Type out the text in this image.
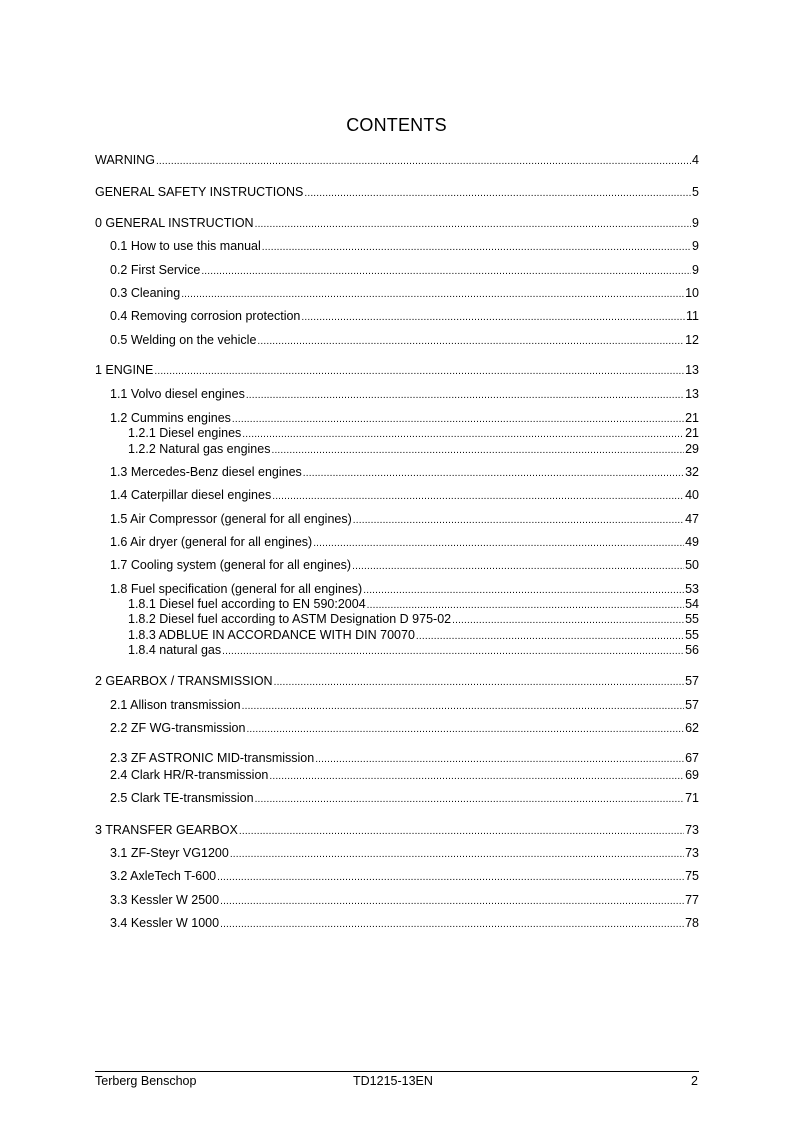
CONTENTS
WARNING .....	4
GENERAL SAFETY INSTRUCTIONS .....	5
0 GENERAL INSTRUCTION .....	9
0.1 How to use this manual .....	9
0.2 First Service .....	9
0.3 Cleaning .....	10
0.4 Removing corrosion protection .....	11
0.5 Welding on the vehicle .....	12
1 ENGINE .....	13
1.1 Volvo diesel engines .....	13
1.2 Cummins engines .....	21
1.2.1 Diesel engines .....	21
1.2.2 Natural gas engines .....	29
1.3 Mercedes-Benz diesel engines .....	32
1.4 Caterpillar diesel engines .....	40
1.5 Air Compressor (general for all engines) .....	47
1.6 Air dryer (general for all engines) .....	49
1.7 Cooling system (general for all engines) .....	50
1.8 Fuel specification (general for all engines) .....	53
1.8.1 Diesel fuel according to EN 590:2004 .....	54
1.8.2 Diesel fuel according to ASTM Designation D 975-02 .....	55
1.8.3 ADBLUE IN ACCORDANCE WITH DIN 70070 .....	55
1.8.4 natural gas .....	56
2 GEARBOX / TRANSMISSION .....	57
2.1 Allison transmission .....	57
2.2 ZF WG-transmission .....	62
2.3 ZF ASTRONIC MID-transmission .....	67
2.4 Clark HR/R-transmission .....	69
2.5 Clark TE-transmission .....	71
3 TRANSFER GEARBOX .....	73
3.1 ZF-Steyr VG1200 .....	73
3.2 AxleTech T-600 .....	75
3.3 Kessler W 2500 .....	77
3.4 Kessler W 1000 .....	78
Terberg Benschop	TD1215-13EN	2
